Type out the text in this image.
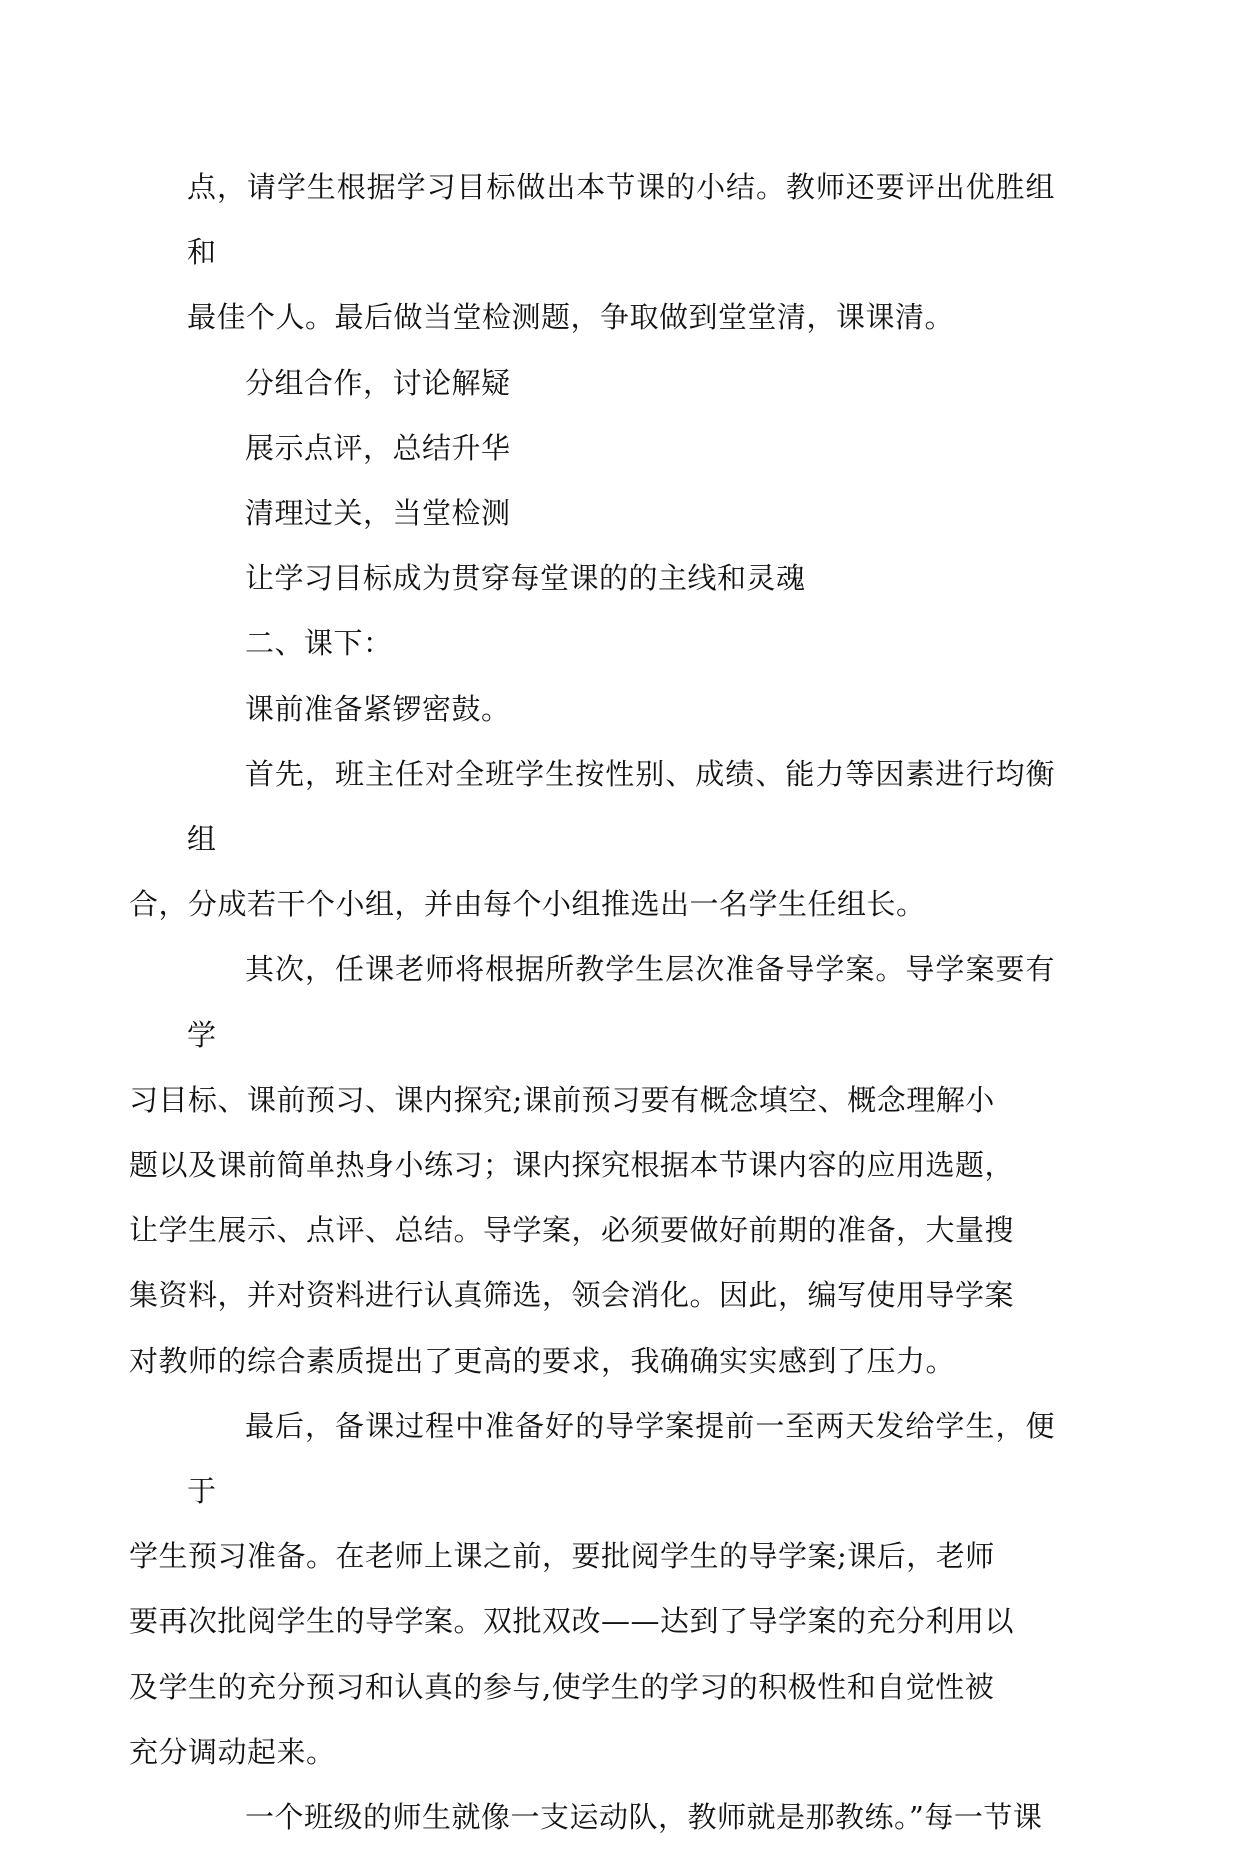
点，请学生根据学习目标做出本节课的小结。教师还要评出优胜组和
最佳个人。最后做当堂检测题，争取做到堂堂清，课课清。

分组合作，讨论解疑

展示点评，总结升华

清理过关，当堂检测

让学习目标成为贯穿每堂课的的主线和灵魂

二、课下：

课前准备紧锣密鼓。

首先，班主任对全班学生按性别、成绩、能力等因素进行均衡组
合，分成若干个小组，并由每个小组推选出一名学生任组长。

其次，任课老师将根据所教学生层次准备导学案。导学案要有学
习目标、课前预习、课内探究;课前预习要有概念填空、概念理解小
题以及课前简单热身小练习；课内探究根据本节课内容的应用选题，
让学生展示、点评、总结。导学案，必须要做好前期的准备，大量搜
集资料，并对资料进行认真筛选，领会消化。因此，编写使用导学案
对教师的综合素质提出了更高的要求，我确确实实感到了压力。

最后，备课过程中准备好的导学案提前一至两天发给学生，便于
学生预习准备。在老师上课之前，要批阅学生的导学案;课后，老师
要再次批阅学生的导学案。双批双改——达到了导学案的充分利用以
及学生的充分预习和认真的参与,使学生的学习的积极性和自觉性被
充分调动起来。

一个班级的师生就像一支运动队，教师就是那教练。”每一节课
